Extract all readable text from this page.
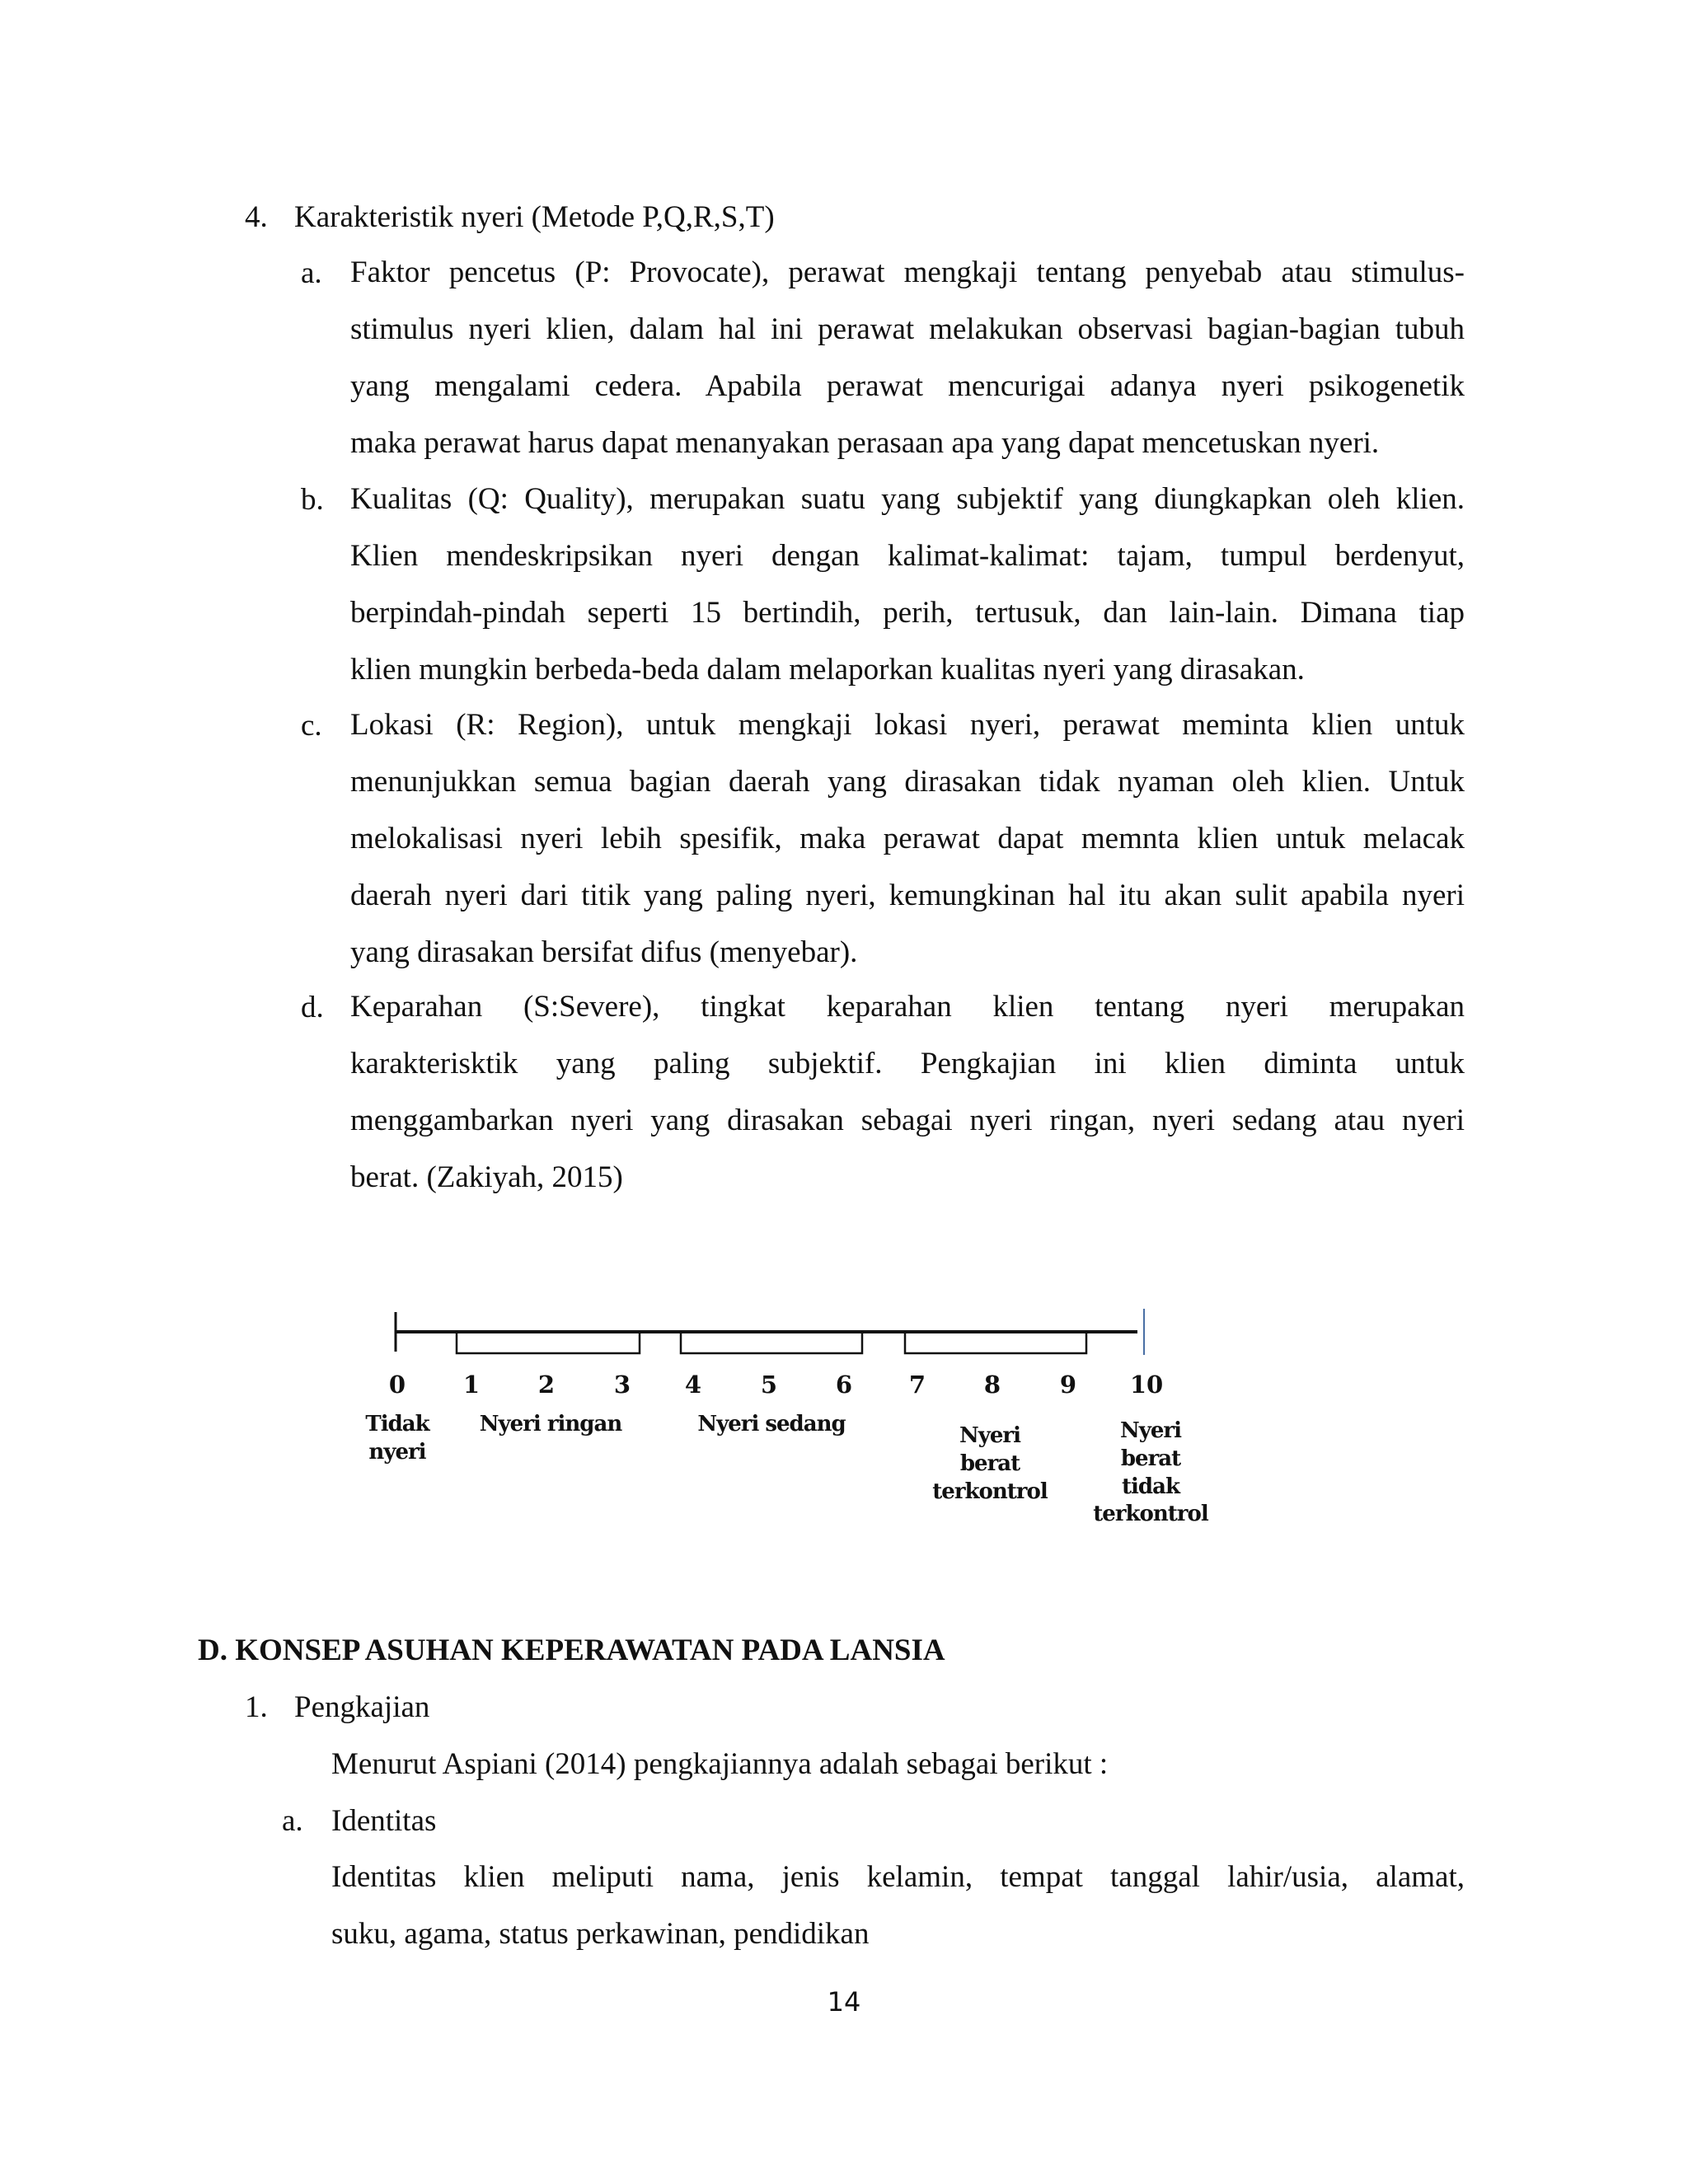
4. Karakteristik nyeri (Metode P,Q,R,S,T)
a. Faktor pencetus (P: Provocate), perawat mengkaji tentang penyebab atau stimulus-

stimulus nyeri klien, dalam hal ini perawat melakukan observasi bagian-bagian tubuh

yang mengalami cedera. Apabila perawat mencurigai adanya nyeri psikogenetik

maka perawat harus dapat menanyakan perasaan apa yang dapat mencetuskan nyeri.

b. Kualitas (Q: Quality), merupakan suatu yang subjektif yang diungkapkan oleh klien.

Klien mendeskripsikan nyeri dengan kalimat-kalimat: tajam, tumpul berdenyut,

berpindah-pindah seperti 15 bertindih, perih, tertusuk, dan lain-lain. Dimana tiap

klien mungkin berbeda-beda dalam melaporkan kualitas nyeri yang dirasakan.

c. Lokasi (R: Region), untuk mengkaji lokasi nyeri, perawat meminta klien untuk

menunjukkan semua bagian daerah yang dirasakan tidak nyaman oleh klien. Untuk

melokalisasi nyeri lebih spesifik, maka perawat dapat memnta klien untuk melacak

daerah nyeri dari titik yang paling nyeri, kemungkinan hal itu akan sulit apabila nyeri

yang dirasakan bersifat difus (menyebar).

d. Keparahan (S:Severe), tingkat keparahan klien tentang nyeri merupakan

karakterisktik yang paling subjektif. Pengkajian ini klien diminta untuk

menggambarkan nyeri yang dirasakan sebagai nyeri ringan, nyeri sedang atau nyeri

berat. (Zakiyah, 2015)

0 1 2 3 4 5 6 7 8 9 10
Tidak
nyeri
Nyeri ringan	Nyeri sedang	Nyeri
berat
terkontrol
Nyeri
berat tidak
terkontrol
D. KONSEP ASUHAN KEPERAWATAN PADA LANSIA
1. Pengkajian
Menurut Aspiani (2014) pengkajiannya adalah sebagai berikut :
a. Identitas

Identitas klien meliputi nama, jenis kelamin, tempat tanggal lahir/usia, alamat,

suku, agama, status perkawinan, pendidikan

14
